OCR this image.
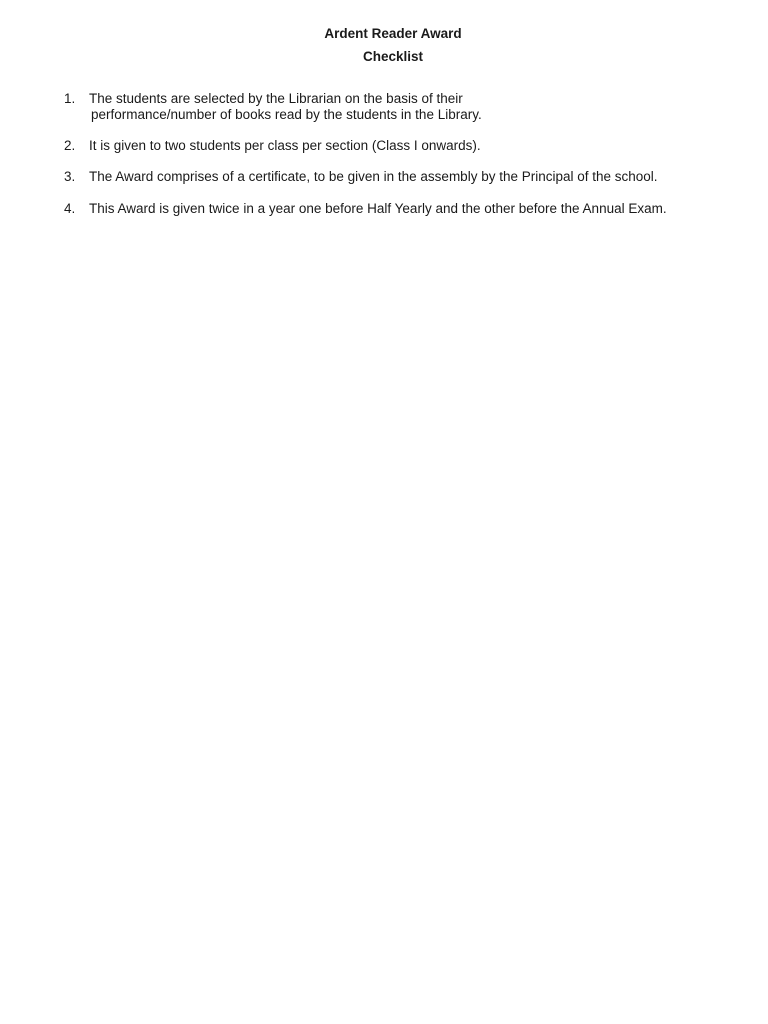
Ardent Reader Award
Checklist
1. The students are selected by the Librarian on the basis of their
performance/number of books read by the students in the Library.
2. It is given to two students per class per section (Class I onwards).
3. The Award comprises of a certificate, to be given in the assembly by the Principal of the school.
4. This Award is given twice in a year one before Half Yearly and the other before the Annual Exam.
